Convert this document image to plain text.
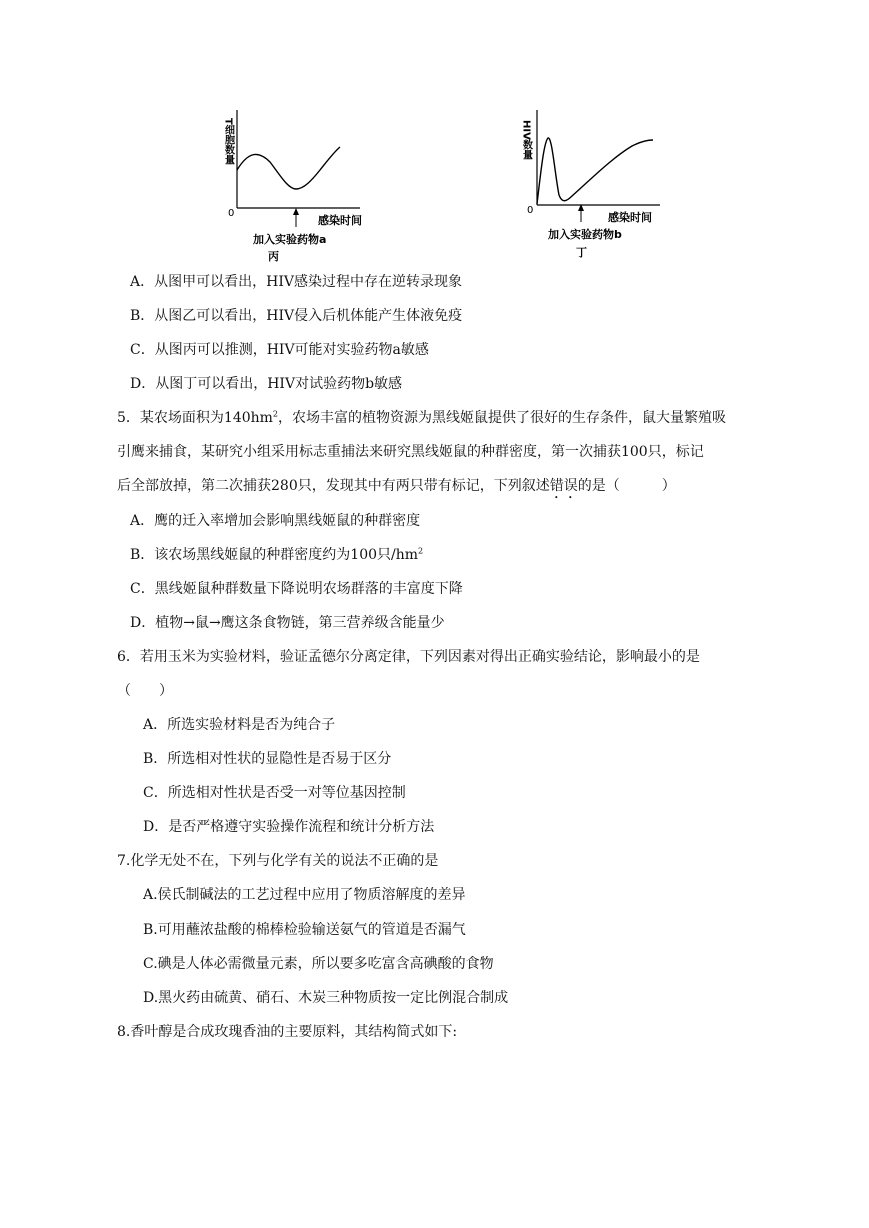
T细胞数量
0
感染时间
加入实验药物a
丙
HIV数量
0
感染时间
加入实验药物b
丁
A．从图甲可以看出，HIV感染过程中存在逆转录现象
B．从图乙可以看出，HIV侵入后机体能产生体液免疫
C．从图丙可以推测，HIV可能对实验药物a敏感
D．从图丁可以看出，HIV对试验药物b敏感
5．某农场面积为$140hm^2$，农场丰富的植物资源为黑线姬鼠提供了很好的生存条件，鼠大量繁殖吸
引鹰来捕食，某研究小组采用标志重捕法来研究黑线姬鼠的种群密度，第一次捕获100只，标记
后全部放掉，第二次捕获280只，发现其中有两只带有标记，下列叙述错误的是（　　　）
A．鹰的迁入率增加会影响黑线姬鼠的种群密度
B．该农场黑线姬鼠的种群密度约为100只$/hm^2$
C．黑线姬鼠种群数量下降说明农场群落的丰富度下降
D．植物→鼠→鹰这条食物链，第三营养级含能量少
6．若用玉米为实验材料，验证孟德尔分离定律，下列因素对得出正确实验结论，影响最小的是
（　　）
A．所选实验材料是否为纯合子
B．所选相对性状的显隐性是否易于区分
C．所选相对性状是否受一对等位基因控制
D．是否严格遵守实验操作流程和统计分析方法
7.化学无处不在，下列与化学有关的说法不正确的是
A.侯氏制碱法的工艺过程中应用了物质溶解度的差异
B.可用蘸浓盐酸的棉棒检验输送氨气的管道是否漏气
C.碘是人体必需微量元素，所以要多吃富含高碘酸的食物
D.黑火药由硫黄、硝石、木炭三种物质按一定比例混合制成
8.香叶醇是合成玫瑰香油的主要原料，其结构简式如下:
